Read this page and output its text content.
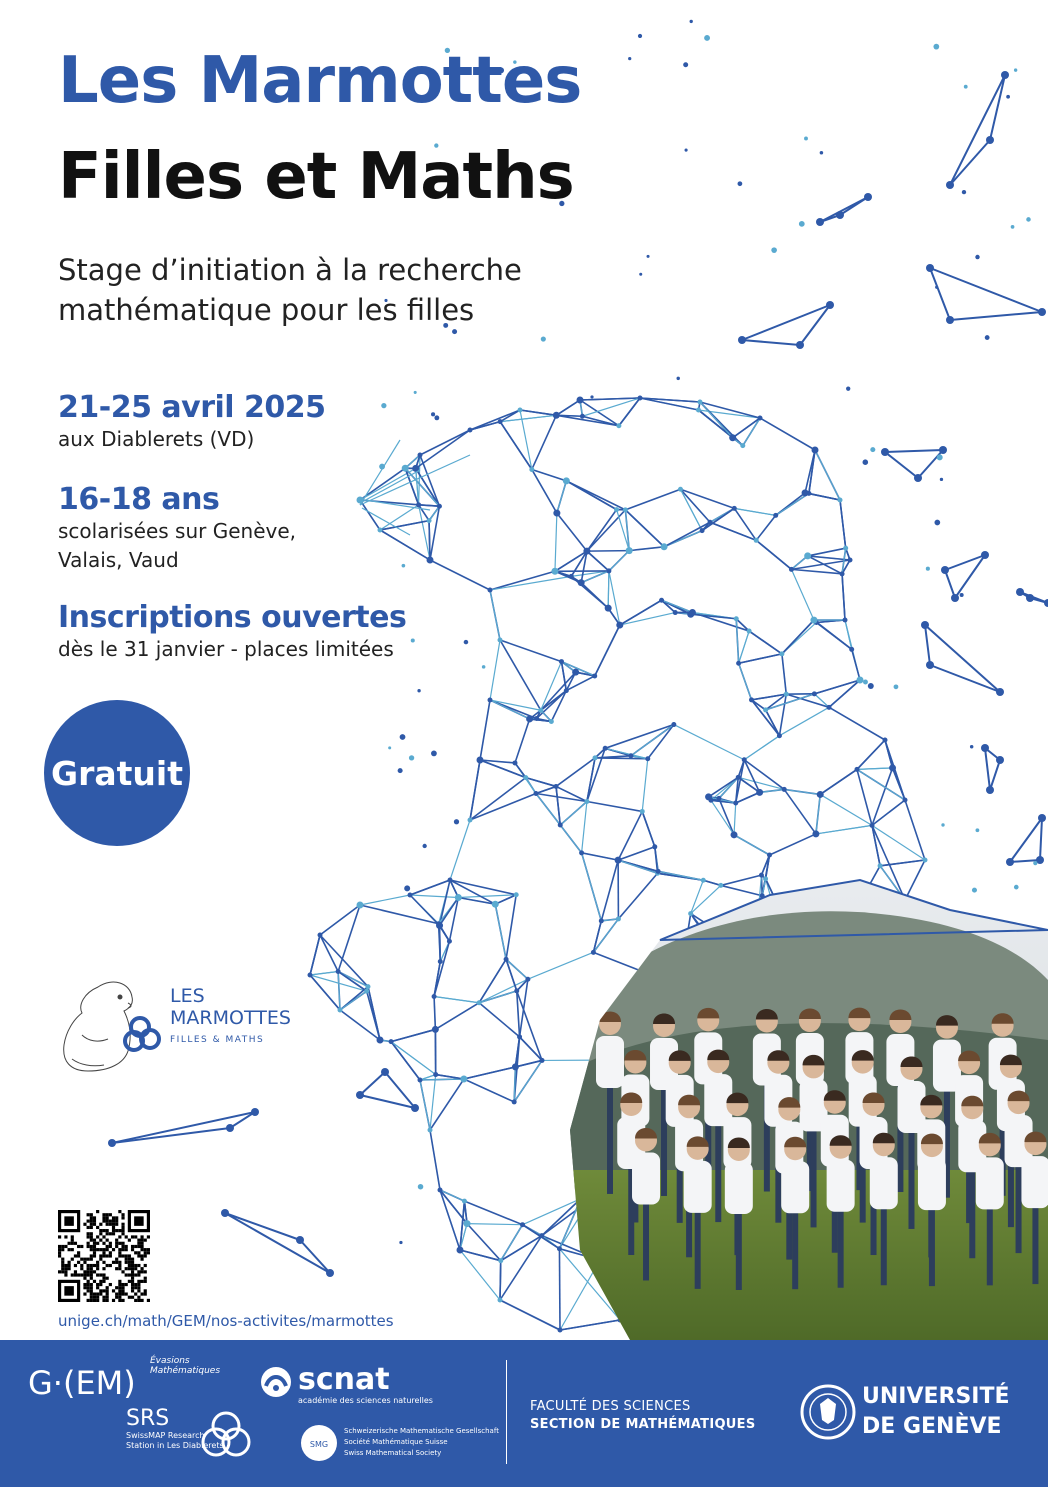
Les Marmottes
Filles et Maths
Stage d’initiation à la recherche
mathématique pour les filles
21-25 avril 2025
aux Diablerets (VD)
16-18 ans
scolarisées sur Genève,
Valais, Vaud
Inscriptions ouvertes
dès le 31 janvier - places limitées
Gratuit
LES
MARMOTTES
FILLES & MATHS
unige.ch/math/GEM/nos-activites/marmottes
G·(EM)
Évasions
Mathématiques	scnat
académie des sciences naturelles
SRS
SwissMAP Research
Station in Les Diablerets	SMG
Schweizerische Mathematische Gesellschaft
Société Mathématique Suisse
Swiss Mathematical Society
FACULTÉ DES SCIENCES
SECTION DE MATHÉMATIQUES
UNIVERSITÉ
DE GENÈVE
